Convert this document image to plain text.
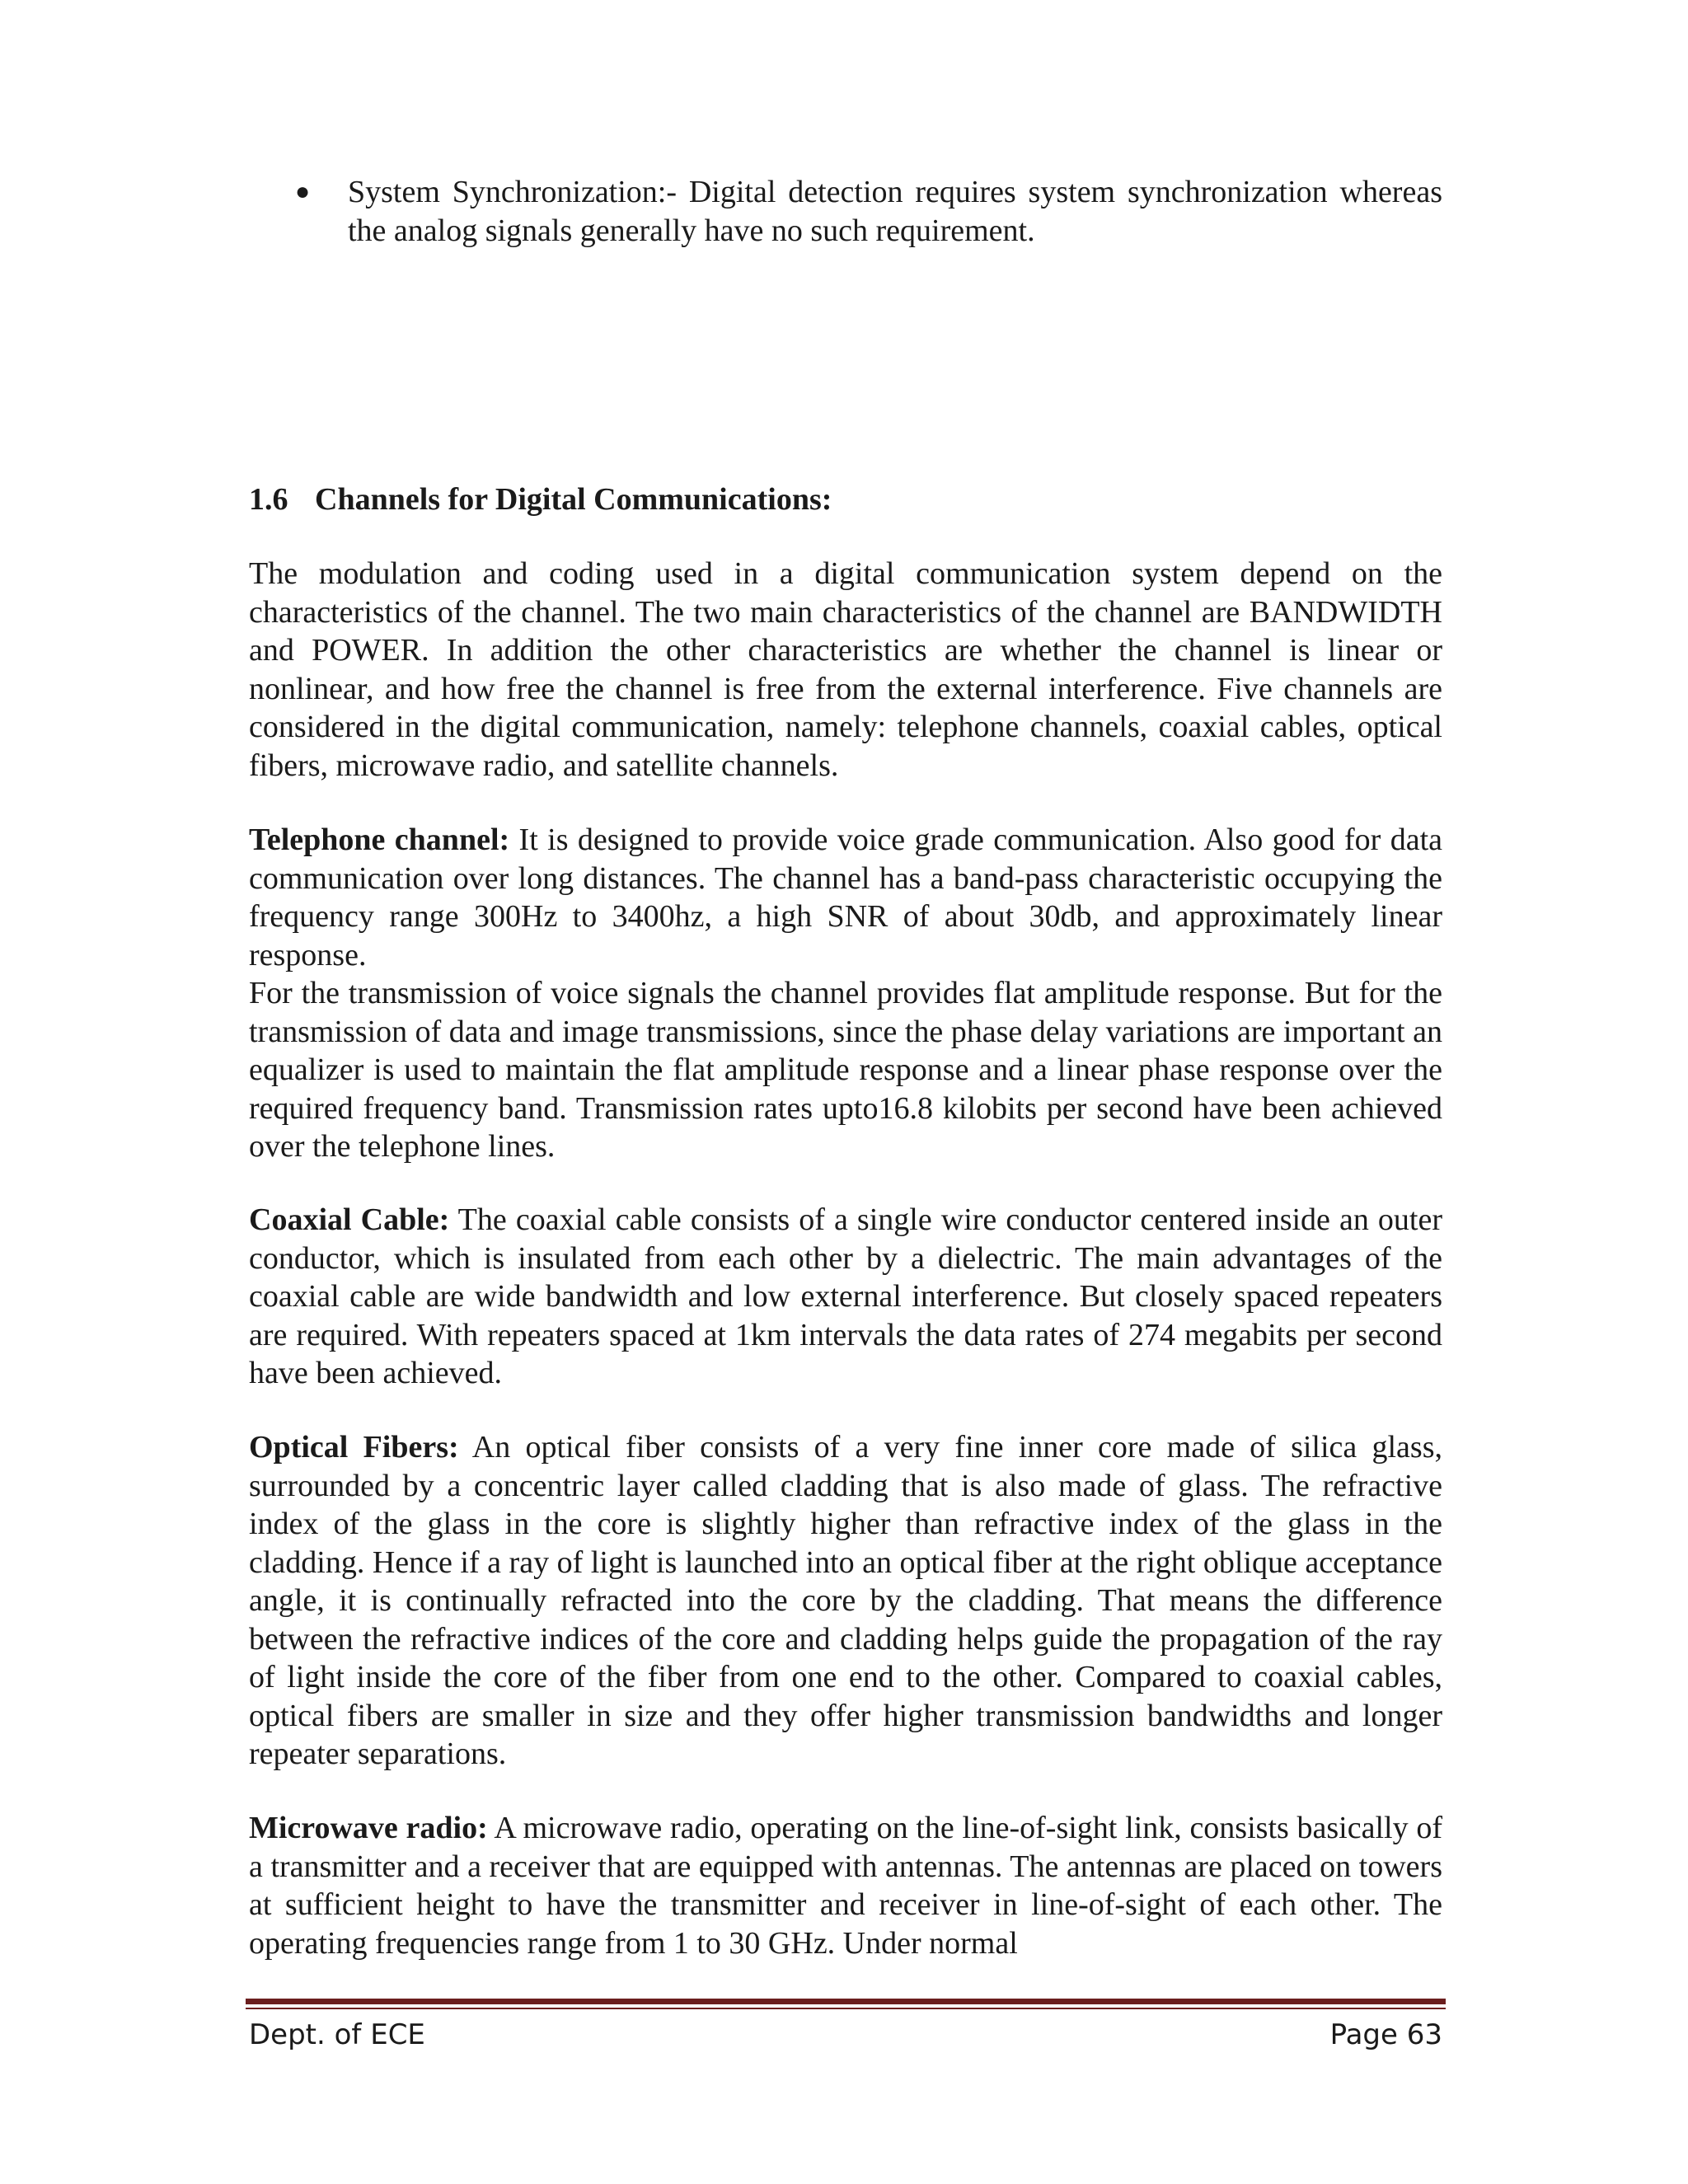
● System Synchronization:- Digital detection requires system synchronization whereas the analog signals generally have no such requirement.

1.6 Channels for Digital Communications:

The modulation and coding used in a digital communication system depend on the characteristics of the channel. The two main characteristics of the channel are BANDWIDTH and POWER. In addition the other characteristics are whether the channel is linear or nonlinear, and how free the channel is free from the external interference. Five channels are considered in the digital communication, namely: telephone channels, coaxial cables, optical fibers, microwave radio, and satellite channels.

Telephone channel: It is designed to provide voice grade communication. Also good for data communication over long distances. The channel has a band-pass characteristic occupying the frequency range 300Hz to 3400hz, a high SNR of about 30db, and approximately linear response.

For the transmission of voice signals the channel provides flat amplitude response. But for the transmission of data and image transmissions, since the phase delay variations are important an equalizer is used to maintain the flat amplitude response and a linear phase response over the required frequency band. Transmission rates upto16.8 kilobits per second have been achieved over the telephone lines.

Coaxial Cable: The coaxial cable consists of a single wire conductor centered inside an outer conductor, which is insulated from each other by a dielectric. The main advantages of the coaxial cable are wide bandwidth and low external interference. But closely spaced repeaters are required. With repeaters spaced at 1km intervals the data rates of 274 megabits per second have been achieved.

Optical Fibers: An optical fiber consists of a very fine inner core made of silica glass, surrounded by a concentric layer called cladding that is also made of glass. The refractive index of the glass in the core is slightly higher than refractive index of the glass in the cladding. Hence if a ray of light is launched into an optical fiber at the right oblique acceptance angle, it is continually refracted into the core by the cladding. That means the difference between the refractive indices of the core and cladding helps guide the propagation of the ray of light inside the core of the fiber from one end to the other. Compared to coaxial cables, optical fibers are smaller in size and they offer higher transmission bandwidths and longer repeater separations.

Microwave radio: A microwave radio, operating on the line-of-sight link, consists basically of a transmitter and a receiver that are equipped with antennas. The antennas are placed on towers at sufficient height to have the transmitter and receiver in line-of-sight of each other. The operating frequencies range from 1 to 30 GHz. Under normal

Dept. of ECE	Page 63
